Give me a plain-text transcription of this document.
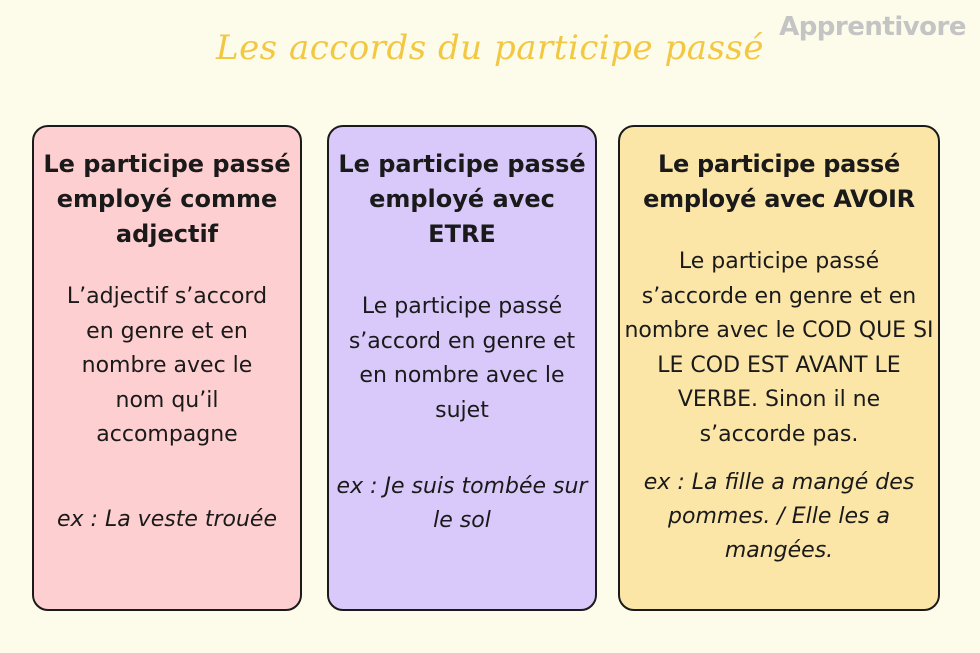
Apprentivore
Les accords du participe passé
Le participe passé employé comme adjectif
L’adjectif s’accord en genre et en nombre avec le nom qu’il accompagne
ex : La veste trouée
Le participe passé employé avec ETRE
Le participe passé s’accord en genre et en nombre avec le sujet
ex : Je suis tombée sur le sol
Le participe passé employé avec AVOIR
Le participe passé s’accorde en genre et en nombre avec le COD QUE SI LE COD EST AVANT LE VERBE. Sinon il ne s’accorde pas.
ex : La fille a mangé des pommes. / Elle les a mangées.
